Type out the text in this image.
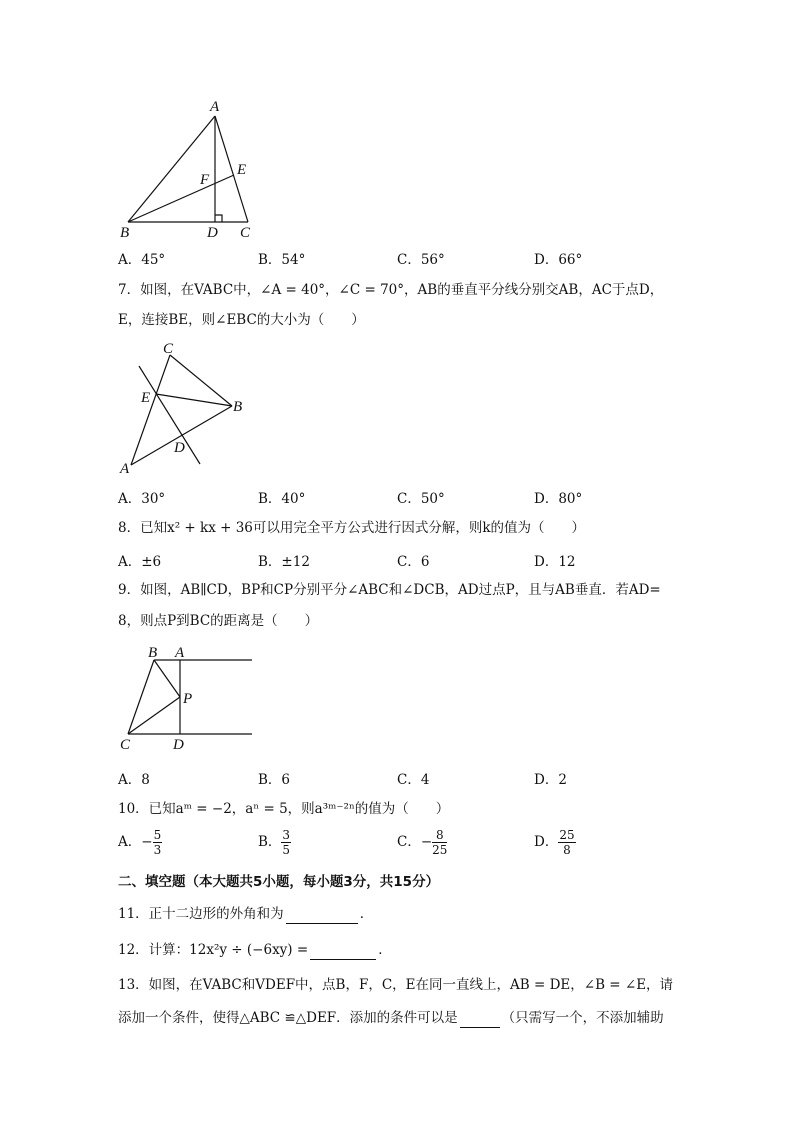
A
E
F
B	D C
A．45°	B．54°	C．56°	D．66°
7．如图，在VABC中，∠A = 40°，∠C = 70°，AB的垂直平分线分别交AB，AC于点D，
E，连接BE，则∠EBC的大小为（　　）
C
E
B
D
A
A．30°	B．40°	C．50°	D．80°
8．已知x² + kx + 36可以用完全平方公式进行因式分解，则k的值为（　　）
A．±6	B．±12	C．6	D．12
9．如图，AB∥CD，BP和CP分别平分∠ABC和∠DCB，AD过点P，且与AB垂直．若AD=
8，则点P到BC的距离是（　　）
B A
P
C	D
A．8	B．6	C．4	D．2
10．已知aᵐ = −2，aⁿ = 5，则a³ᵐ⁻²ⁿ的值为（　　）
A．− $\frac{5}{3}$	B． $\frac{3}{5}$	C．− $\frac{8}{25}$	D． $\frac{25}{8}$
二、填空题（本大题共5小题，每小题3分，共15分）
11．正十二边形的外角和为	．
12．计算：12x²y ÷ (−6xy) =	．
13．如图，在VABC和VDEF中，点B，F，C，E在同一直线上，AB = DE，∠B = ∠E，请
添加一个条件，使得△ABC ≌△DEF．添加的条件可以是	（只需写一个，不添加辅助
